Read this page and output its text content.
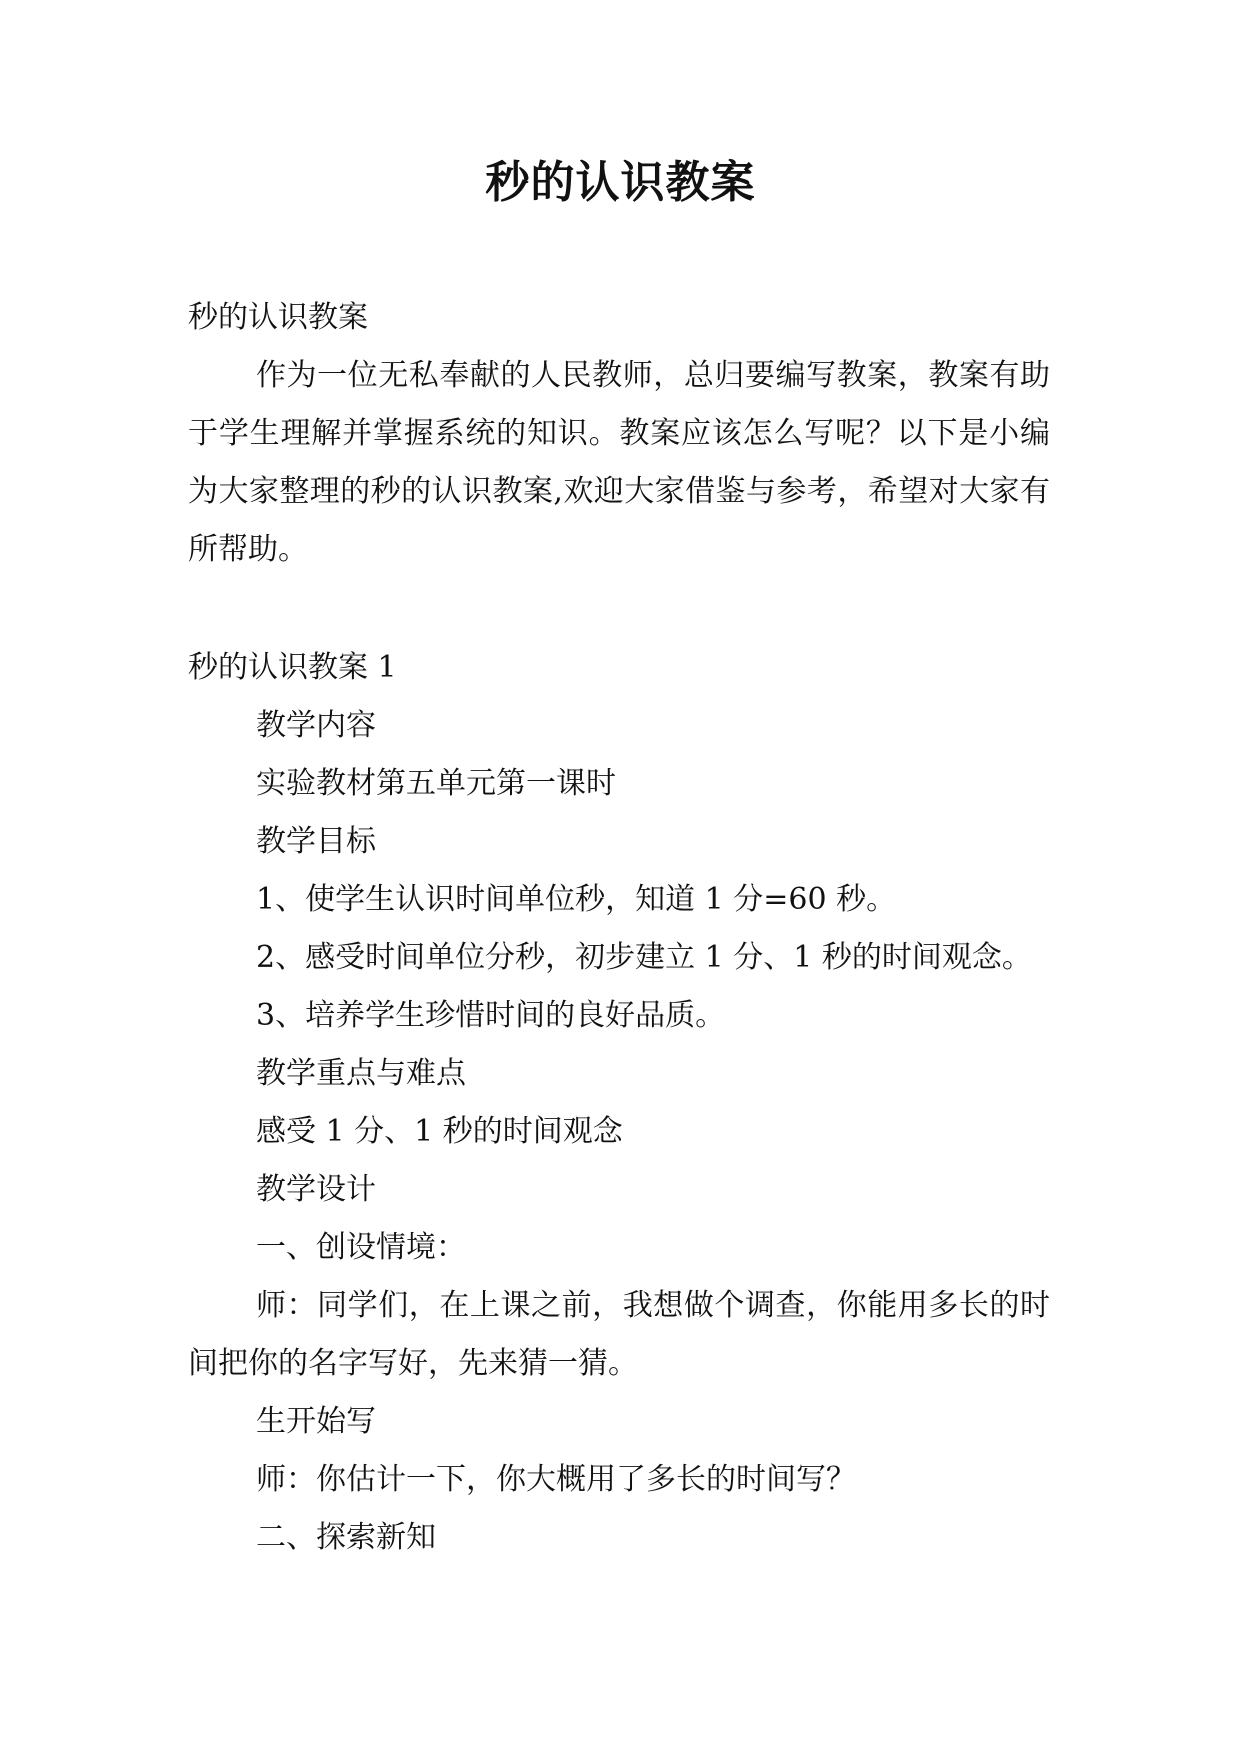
秒的认识教案

秒的认识教案

作为一位无私奉献的人民教师，总归要编写教案，教案有助于学生理解并掌握系统的知识。教案应该怎么写呢？以下是小编为大家整理的秒的认识教案,欢迎大家借鉴与参考，希望对大家有所帮助。

秒的认识教案 1

教学内容

实验教材第五单元第一课时

教学目标

1、使学生认识时间单位秒，知道 1 分=60 秒。

2、感受时间单位分秒，初步建立 1 分、1 秒的时间观念。

3、培养学生珍惜时间的良好品质。

教学重点与难点

感受 1 分、1 秒的时间观念

教学设计

一、创设情境：

师：同学们，在上课之前，我想做个调查，你能用多长的时间把你的名字写好，先来猜一猜。

生开始写

师：你估计一下，你大概用了多长的时间写？

二、探索新知
